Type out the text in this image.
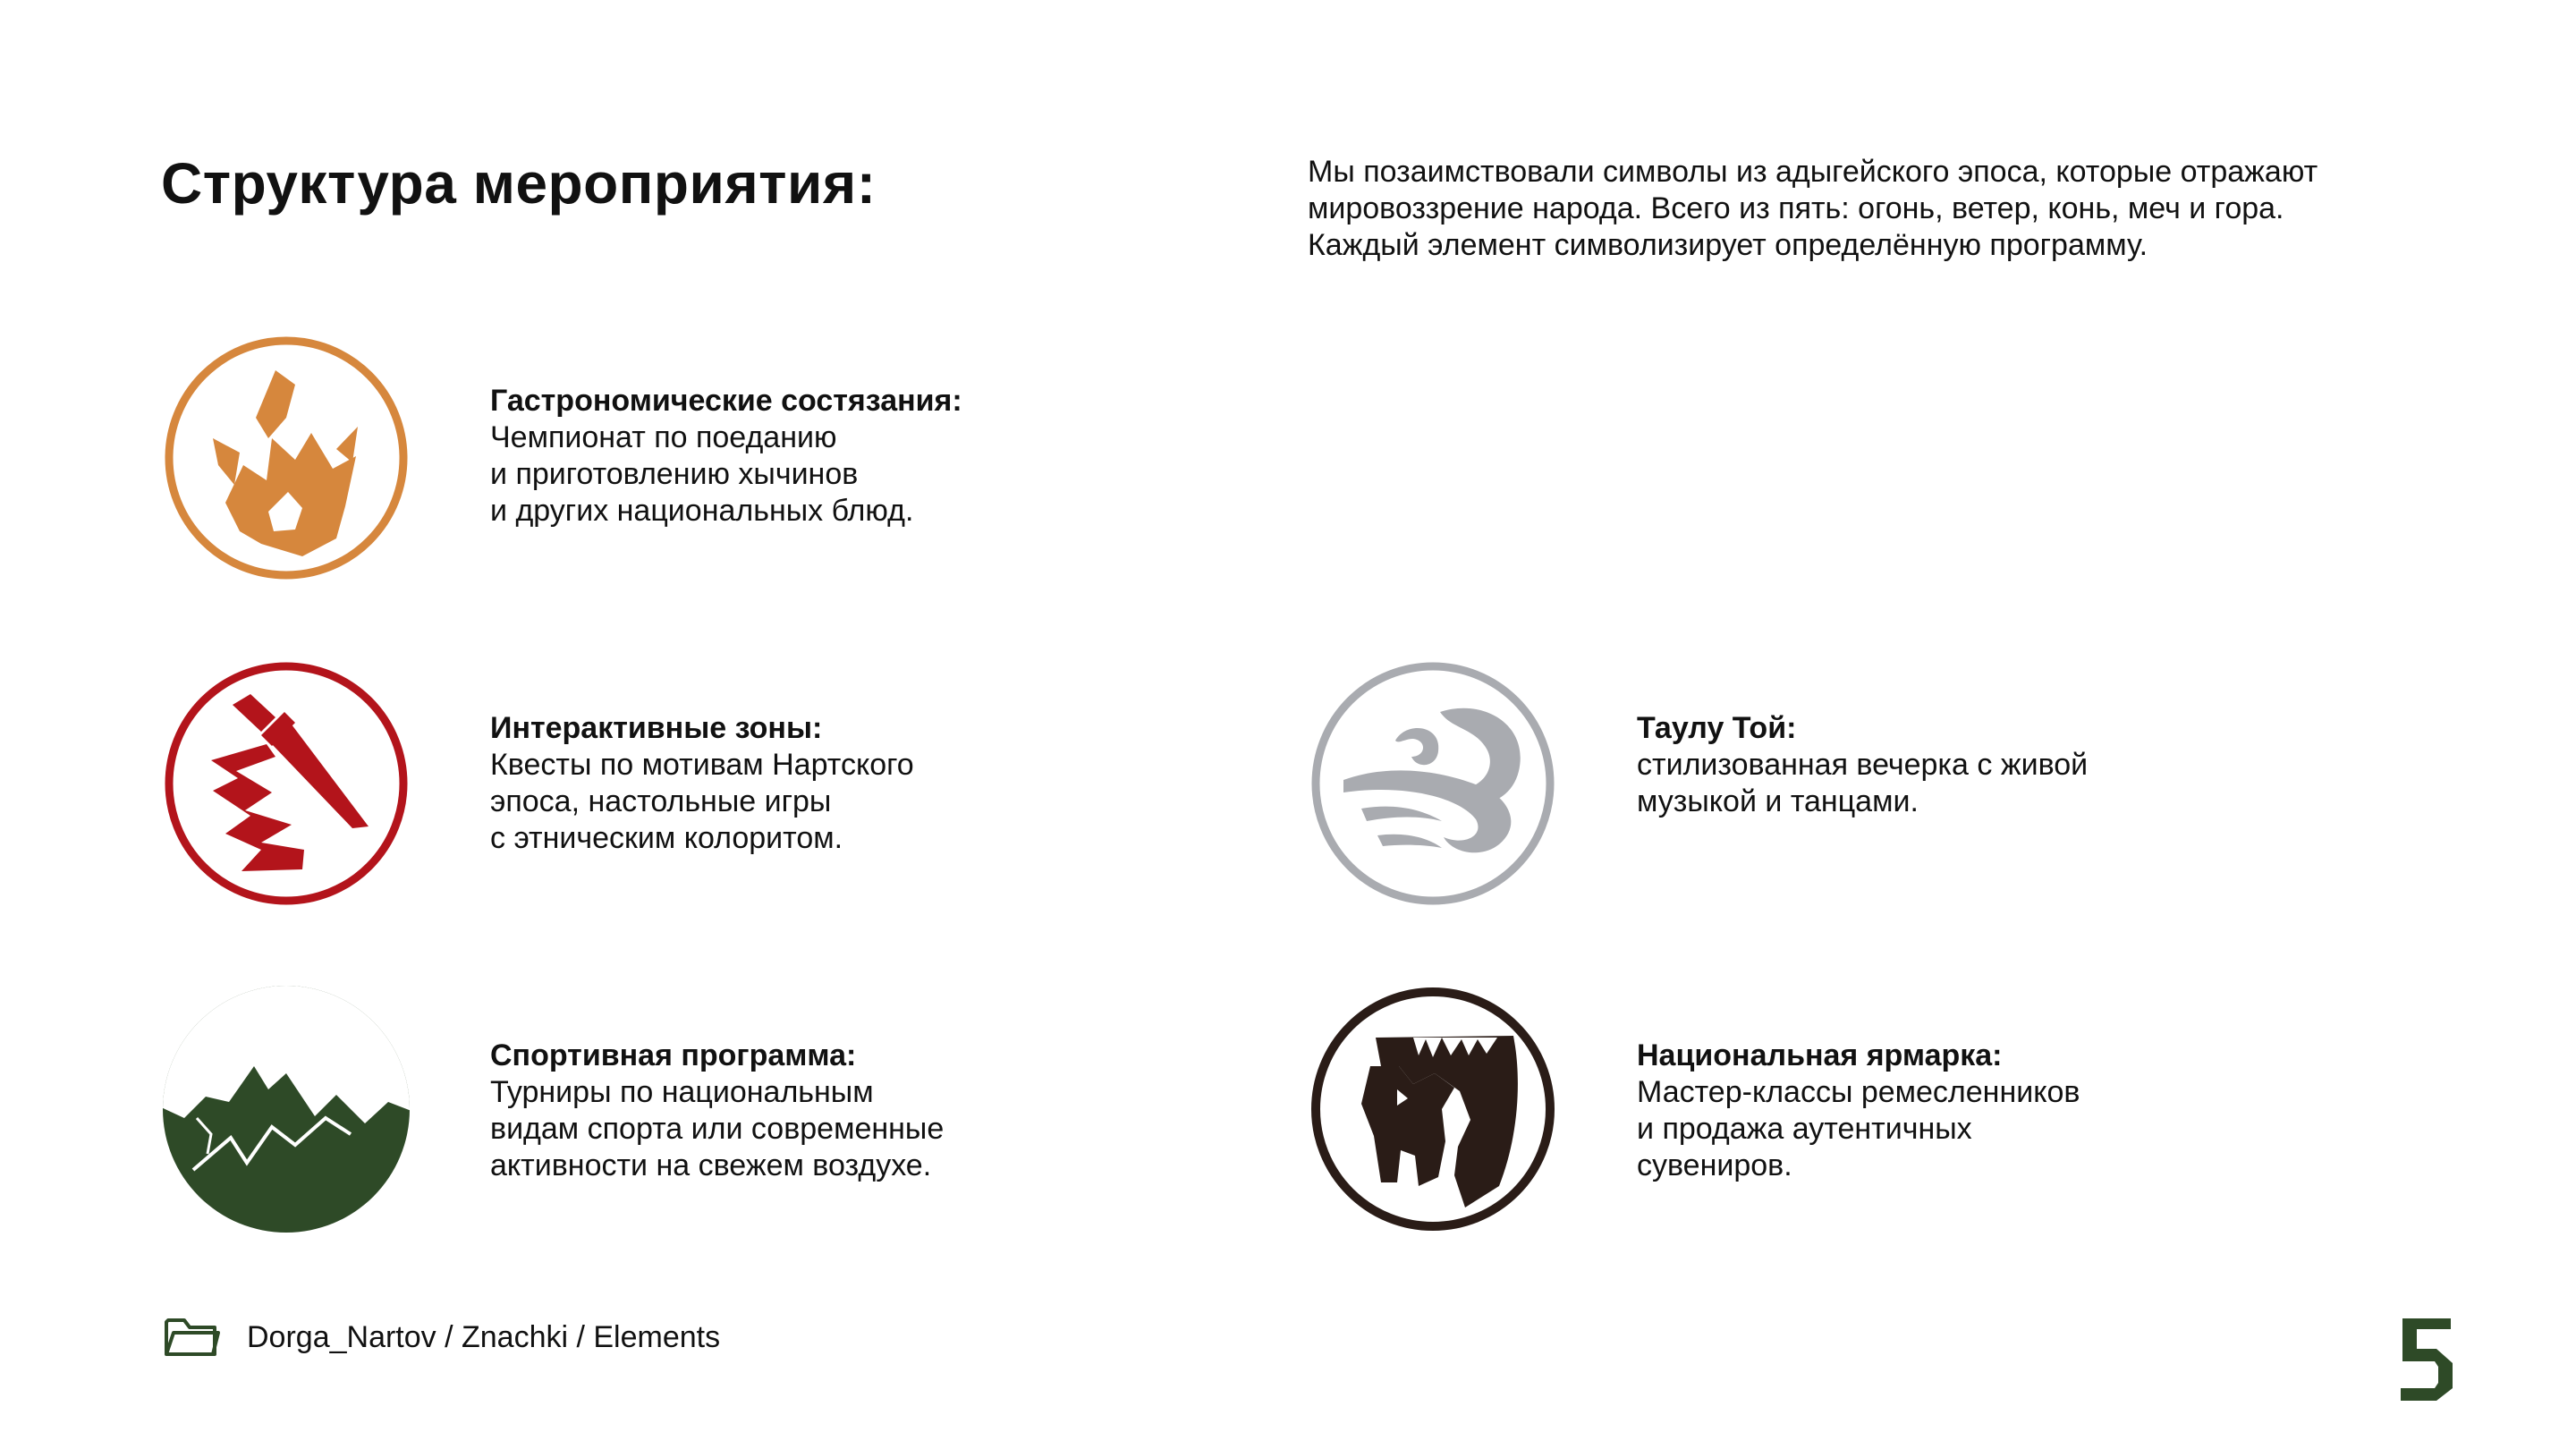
Структура мероприятия:	Мы позаимствовали символы из адыгейского эпоса, которые отражают мировоззрение народа. Всего из пять: огонь, ветер, конь, меч и гора. Каждый элемент символизирует определённую программу.
Гастрономические состязания:
Чемпионат по поеданию
и приготовлению хычинов
и других национальных блюд.
Интерактивные зоны:
Квесты по мотивам Нартского
эпоса, настольные игры
с этническим колоритом.
Таулу Той:
стилизованная вечерка с живой
музыкой и танцами.
Спортивная программа:
Турниры по национальным
видам спорта или современные
активности на свежем воздухе.
Национальная ярмарка:
Мастер-классы ремесленников
и продажа аутентичных
сувениров.
Dorga_Nartov / Znachki / Elements
